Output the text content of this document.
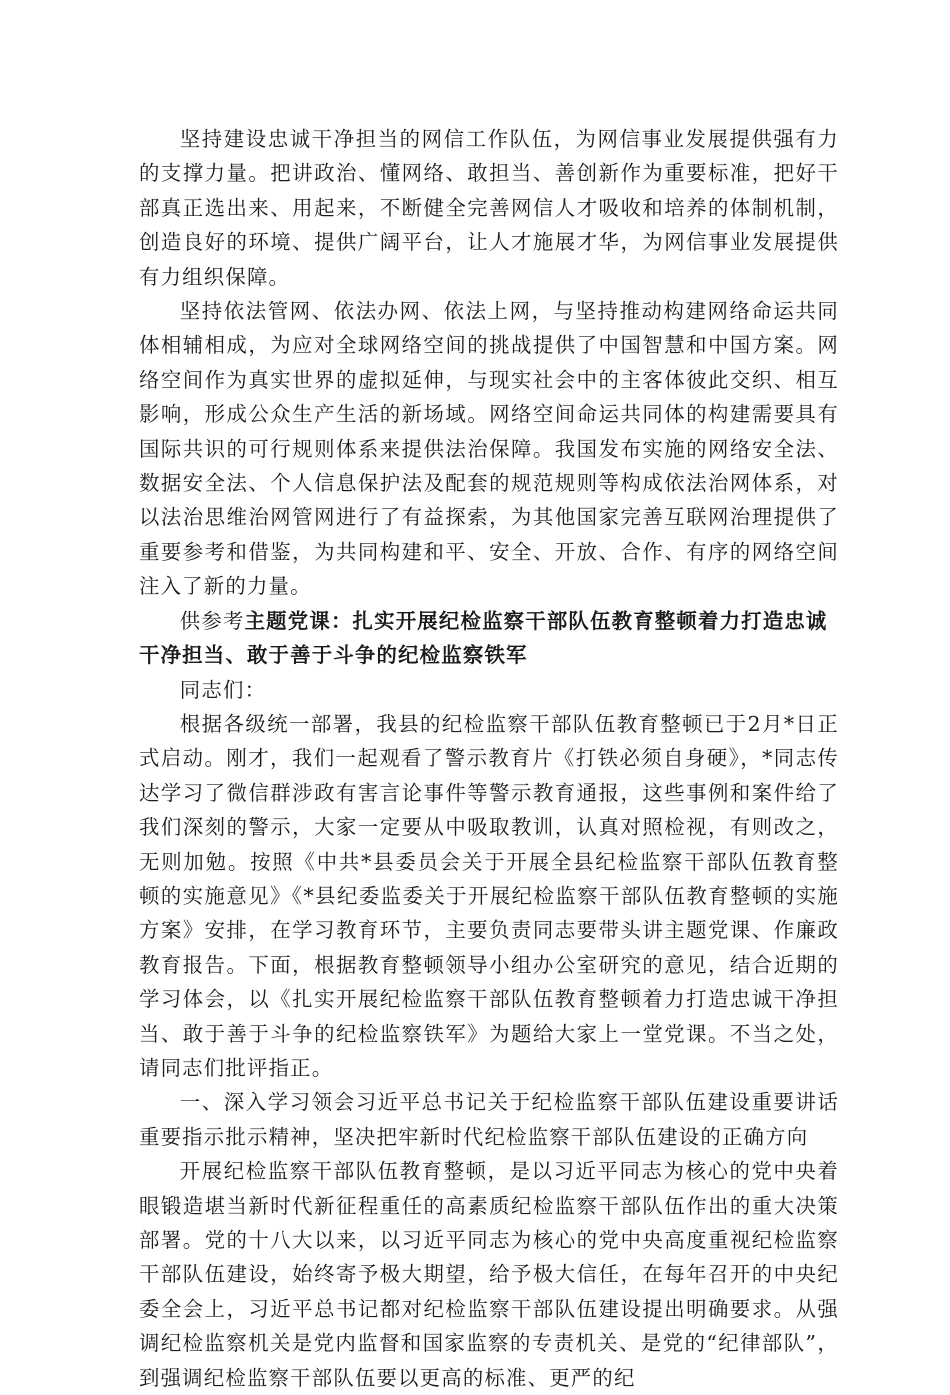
坚持建设忠诚干净担当的网信工作队伍，为网信事业发展提供强有力的支撑力量。把讲政治、懂网络、敢担当、善创新作为重要标准，把好干部真正选出来、用起来，不断健全完善网信人才吸收和培养的体制机制，创造良好的环境、提供广阔平台，让人才施展才华，为网信事业发展提供有力组织保障。

坚持依法管网、依法办网、依法上网，与坚持推动构建网络命运共同体相辅相成，为应对全球网络空间的挑战提供了中国智慧和中国方案。网络空间作为真实世界的虚拟延伸，与现实社会中的主客体彼此交织、相互影响，形成公众生产生活的新场域。网络空间命运共同体的构建需要具有国际共识的可行规则体系来提供法治保障。我国发布实施的网络安全法、数据安全法、个人信息保护法及配套的规范规则等构成依法治网体系，对以法治思维治网管网进行了有益探索，为其他国家完善互联网治理提供了重要参考和借鉴，为共同构建和平、安全、开放、合作、有序的网络空间注入了新的力量。

供参考主题党课：扎实开展纪检监察干部队伍教育整顿着力打造忠诚干净担当、敢于善于斗争的纪检监察铁军

同志们：

根据各级统一部署，我县的纪检监察干部队伍教育整顿已于2月*日正式启动。刚才，我们一起观看了警示教育片《打铁必须自身硬》，*同志传达学习了微信群涉政有害言论事件等警示教育通报，这些事例和案件给了我们深刻的警示，大家一定要从中吸取教训，认真对照检视，有则改之，无则加勉。按照《中共*县委员会关于开展全县纪检监察干部队伍教育整顿的实施意见》《*县纪委监委关于开展纪检监察干部队伍教育整顿的实施方案》安排，在学习教育环节，主要负责同志要带头讲主题党课、作廉政教育报告。下面，根据教育整顿领导小组办公室研究的意见，结合近期的学习体会，以《扎实开展纪检监察干部队伍教育整顿着力打造忠诚干净担当、敢于善于斗争的纪检监察铁军》为题给大家上一堂党课。不当之处，请同志们批评指正。

一、深入学习领会习近平总书记关于纪检监察干部队伍建设重要讲话重要指示批示精神，坚决把牢新时代纪检监察干部队伍建设的正确方向

开展纪检监察干部队伍教育整顿，是以习近平同志为核心的党中央着眼锻造堪当新时代新征程重任的高素质纪检监察干部队伍作出的重大决策部署。党的十八大以来，以习近平同志为核心的党中央高度重视纪检监察干部队伍建设，始终寄予极大期望，给予极大信任，在每年召开的中央纪委全会上，习近平总书记都对纪检监察干部队伍建设提出明确要求。从强调纪检监察机关是党内监督和国家监察的专责机关、是党的“纪律部队”，到强调纪检监察干部队伍要以更高的标准、更严的纪
